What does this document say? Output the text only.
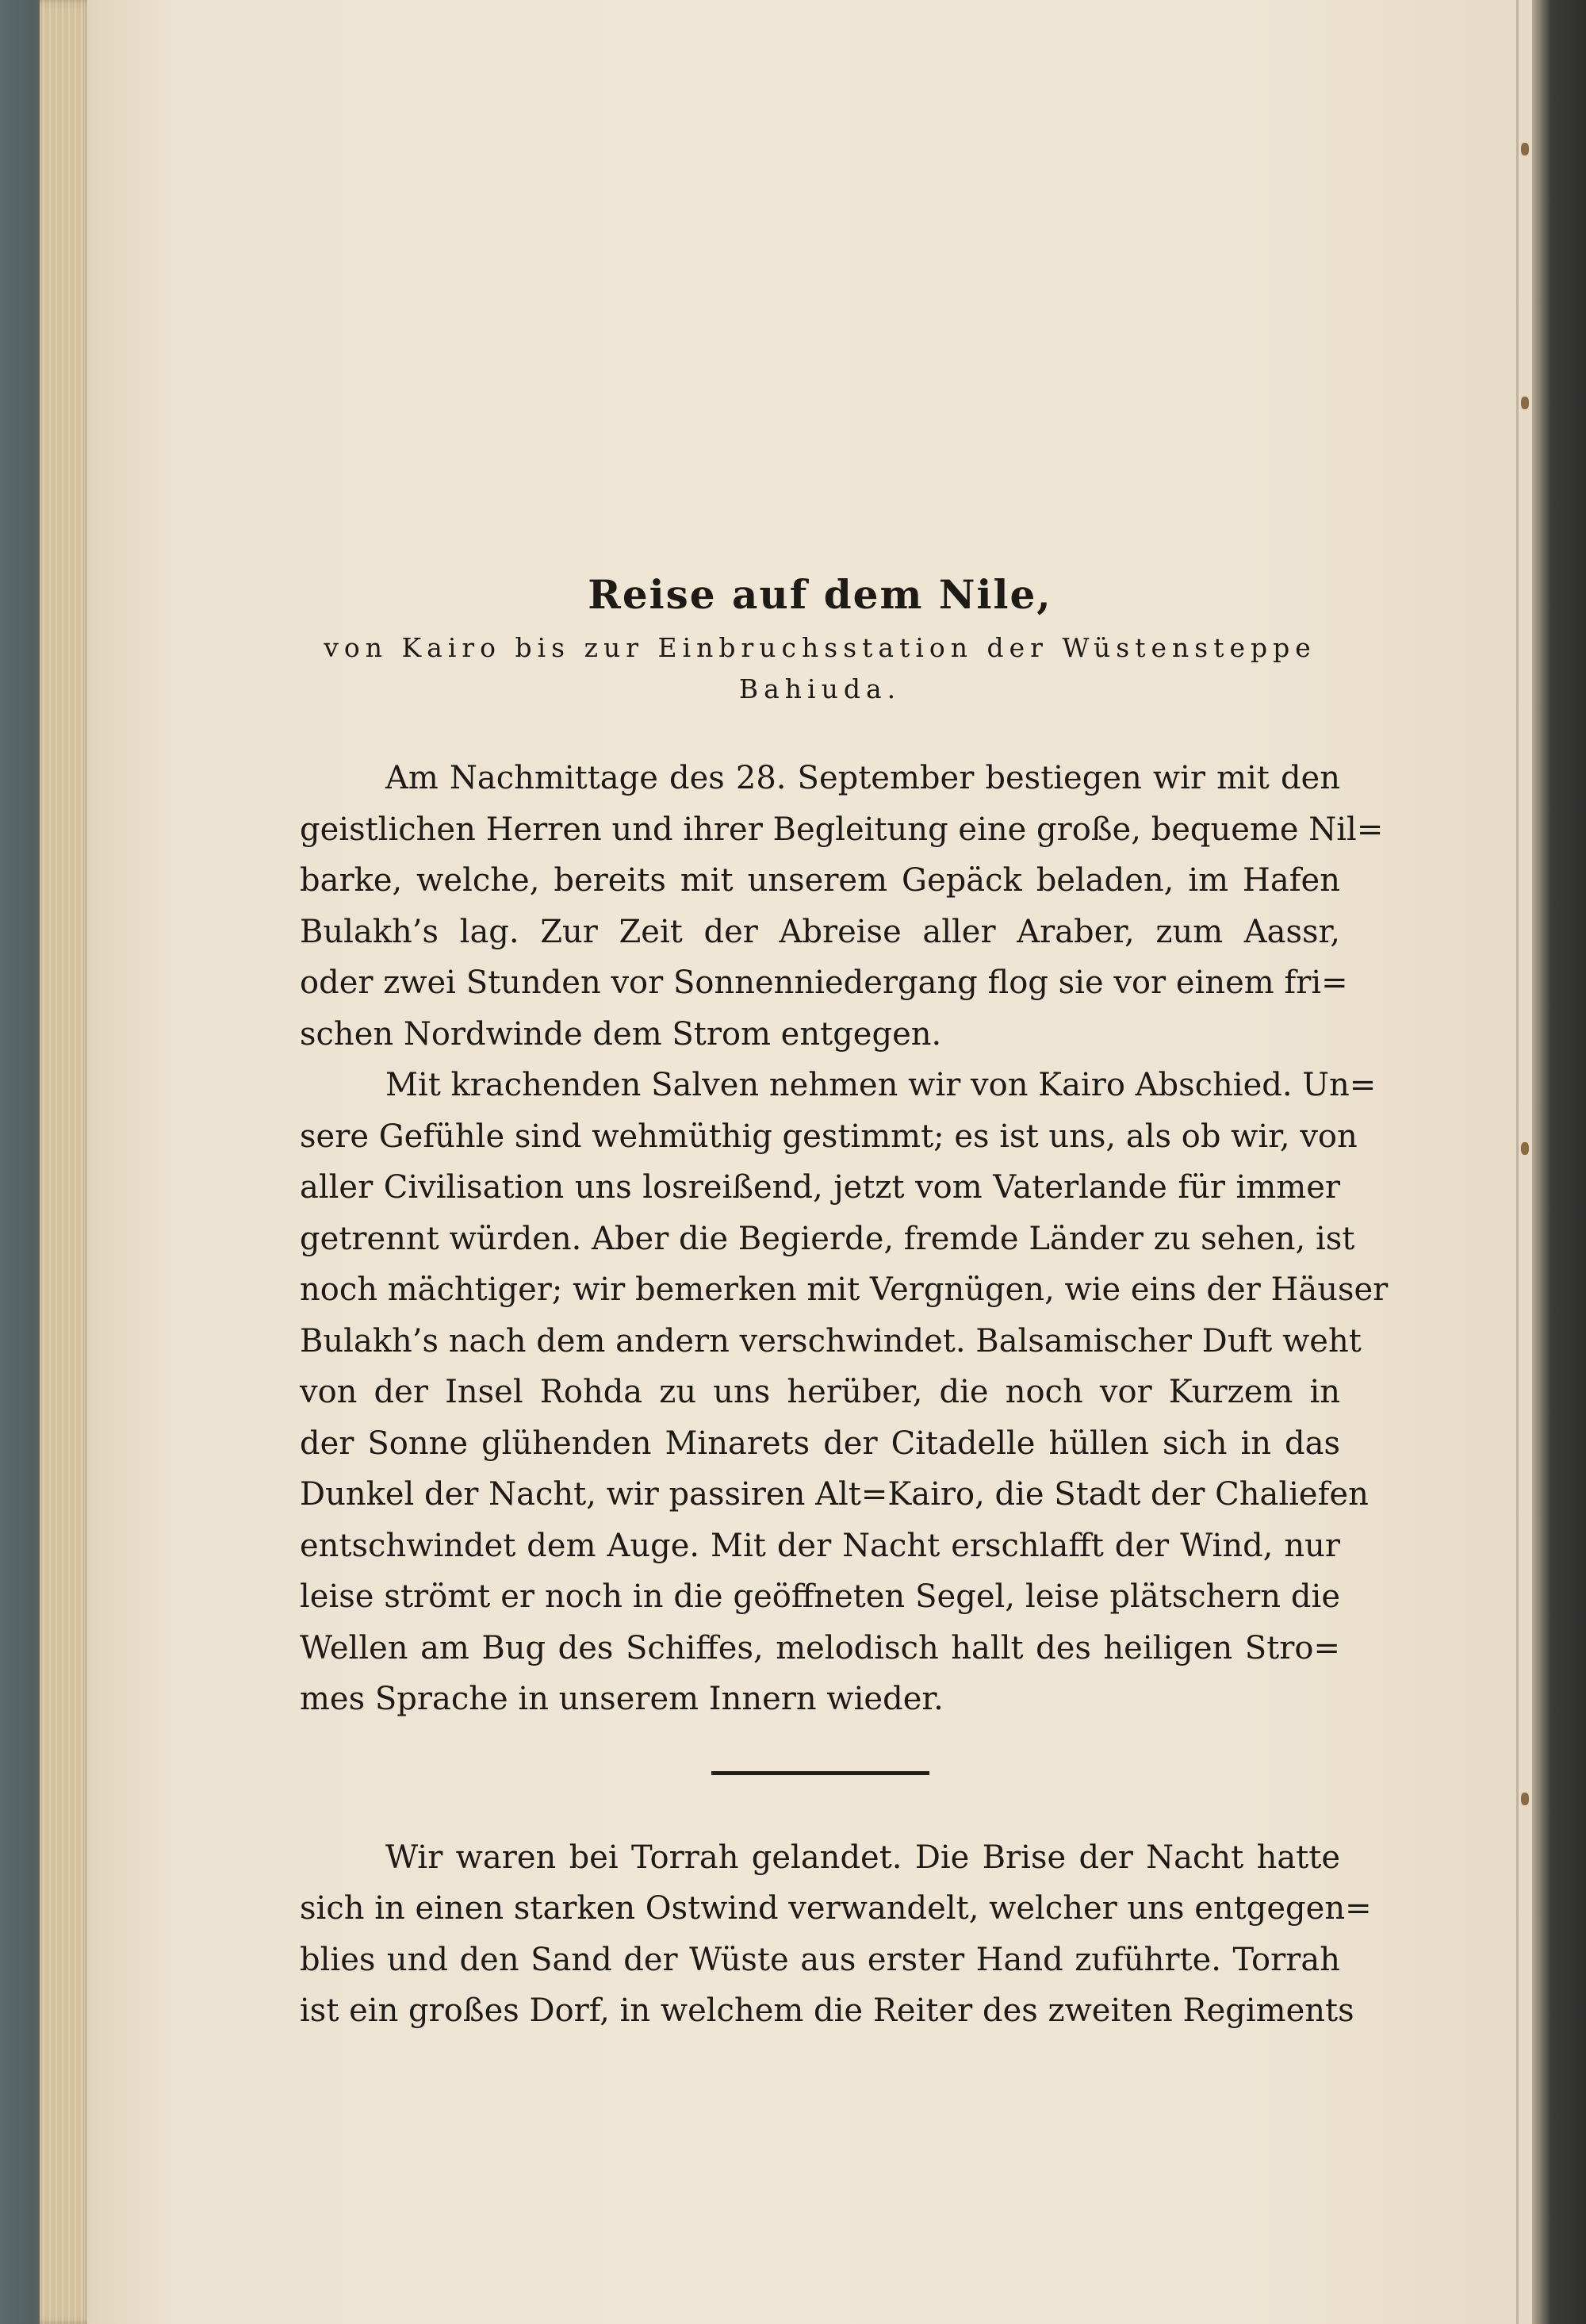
Reise auf dem Nile,

von Kairo bis zur Einbruchsstation der Wüstensteppe
Bahiuda.

Am Nachmittage des 28. September bestiegen wir mit den
geistlichen Herren und ihrer Begleitung eine große, bequeme Nil=
barke, welche, bereits mit unserem Gepäck beladen, im Hafen
Bulakh’s lag. Zur Zeit der Abreise aller Araber, zum Aassr,
oder zwei Stunden vor Sonnenniedergang flog sie vor einem fri=
schen Nordwinde dem Strom entgegen.

Mit krachenden Salven nehmen wir von Kairo Abschied. Un=
sere Gefühle sind wehmüthig gestimmt; es ist uns, als ob wir, von
aller Civilisation uns losreißend, jetzt vom Vaterlande für immer
getrennt würden. Aber die Begierde, fremde Länder zu sehen, ist
noch mächtiger; wir bemerken mit Vergnügen, wie eins der Häuser
Bulakh’s nach dem andern verschwindet. Balsamischer Duft weht
von der Insel Rohda zu uns herüber, die noch vor Kurzem in
der Sonne glühenden Minarets der Citadelle hüllen sich in das
Dunkel der Nacht, wir passiren Alt=Kairo, die Stadt der Chaliefen
entschwindet dem Auge. Mit der Nacht erschlafft der Wind, nur
leise strömt er noch in die geöffneten Segel, leise plätschern die
Wellen am Bug des Schiffes, melodisch hallt des heiligen Stro=
mes Sprache in unserem Innern wieder.

Wir waren bei Torrah gelandet. Die Brise der Nacht hatte
sich in einen starken Ostwind verwandelt, welcher uns entgegen=
blies und den Sand der Wüste aus erster Hand zuführte. Torrah
ist ein großes Dorf, in welchem die Reiter des zweiten Regiments
